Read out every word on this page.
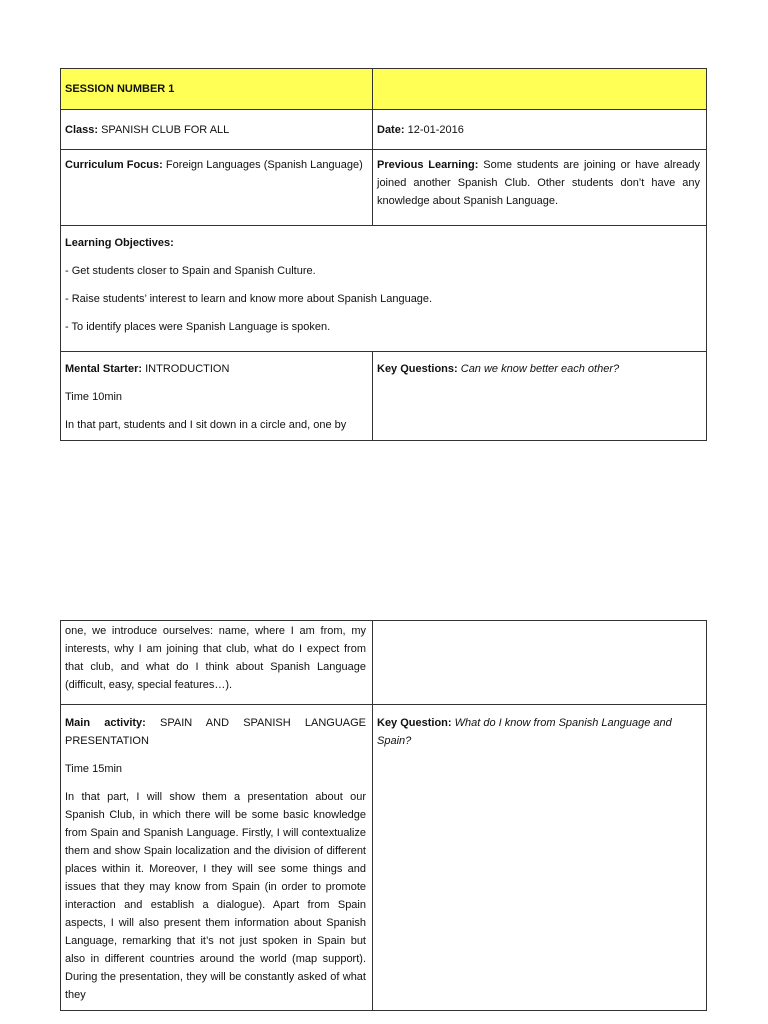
SESSION NUMBER 1	
Class: SPANISH CLUB FOR ALL	Date: 12-01-2016
Curriculum Focus: Foreign Languages (Spanish Language)	Previous Learning: Some students are joining or have already joined another Spanish Club. Other students don’t have any knowledge about Spanish Language.

Learning Objectives:

- Get students closer to Spain and Spanish Culture.

- Raise students’ interest to learn and know more about Spanish Language.

- To identify places were Spanish Language is spoken.	

Mental Starter: INTRODUCTION

Time 10min

In that part, students and I sit down in a circle and, one by	Key Questions: Can we know better each other?
one, we introduce ourselves: name, where I am from, my interests, why I am joining that club, what do I expect from that club, and what do I think about Spanish Language (difficult, easy, special features…).	

Main activity: SPAIN AND SPANISH LANGUAGE PRESENTATION

Time 15min

In that part, I will show them a presentation about our Spanish Club, in which there will be some basic knowledge from Spain and Spanish Language. Firstly, I will contextualize them and show Spain localization and the division of different places within it. Moreover, I they will see some things and issues that they may know from Spain (in order to promote interaction and establish a dialogue). Apart from Spain aspects, I will also present them information about Spanish Language, remarking that it’s not just spoken in Spain but also in different countries around the world (map support). During the presentation, they will be constantly asked of what they	Key Question: What do I know from Spanish Language and Spain?
